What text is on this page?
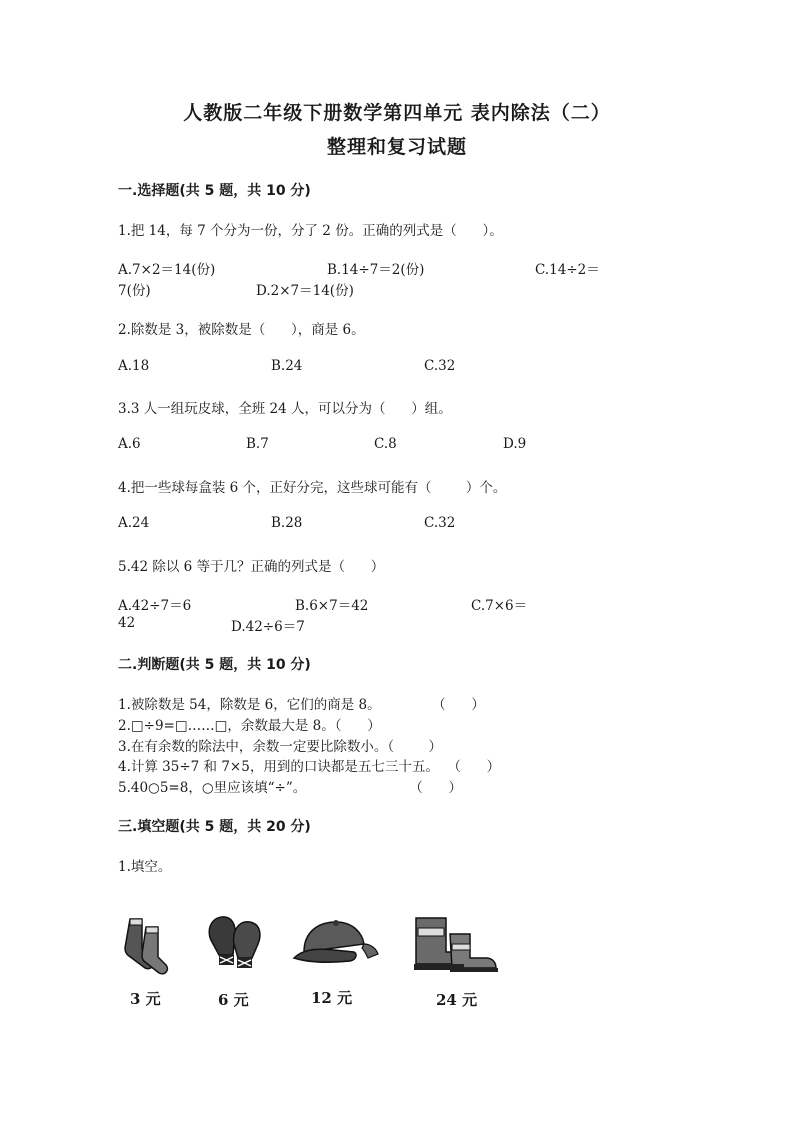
人教版二年级下册数学第四单元 表内除法（二）
整理和复习试题
一.选择题(共 5 题，共 10 分)
1.把 14，每 7 个分为一份，分了 2 份。正确的列式是（      ）。
A.7×2＝14(份)	B.14÷7＝2(份)	C.14÷2＝
7(份)	D.2×7＝14(份)
2.除数是 3，被除数是（      ），商是 6。
A.18	B.24	C.32
3.3 人一组玩皮球，全班 24 人，可以分为（      ）组。
A.6	B.7	C.8	D.9
4.把一些球每盒装 6 个，正好分完，这些球可能有（        ）个。
A.24	B.28	C.32
5.42 除以 6 等于几？正确的列式是（      ）
A.42÷7＝6	B.6×7＝42	C.7×6＝
42	D.42÷6＝7
二.判断题(共 5 题，共 10 分)
1.被除数是 54，除数是 6，它们的商是 8。            （      ）
2.□÷9=□……□，余数最大是 8。（      ）
3.在有余数的除法中，余数一定要比除数小。（        ）
4.计算 35÷7 和 7×5，用到的口诀都是五七三十五。  （      ）
5.40○5=8，○里应该填“÷”。                        （      ）
三.填空题(共 5 题，共 20 分)
1.填空。
3 元	6 元	12 元	24 元
